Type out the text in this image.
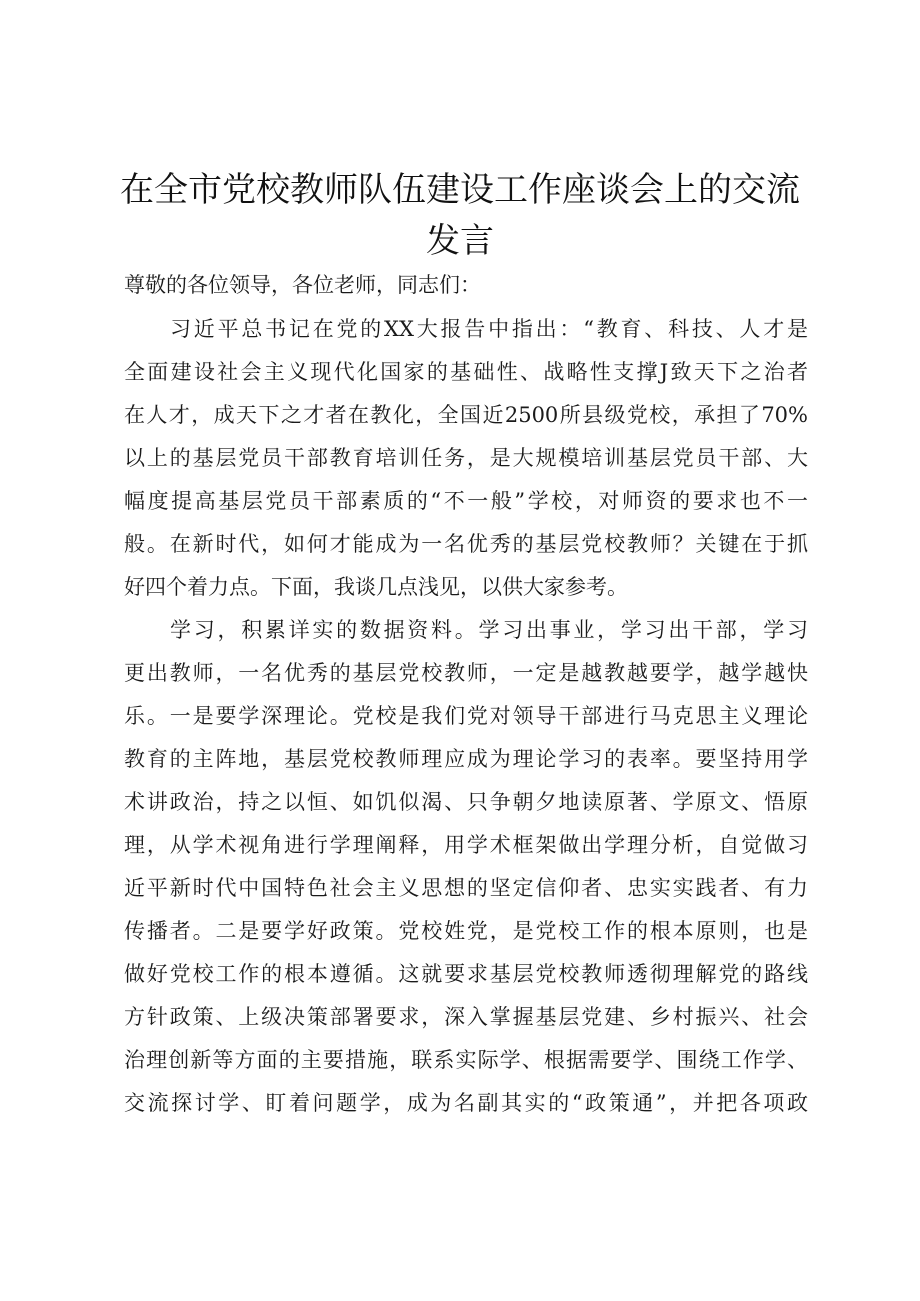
在全市党校教师队伍建设工作座谈会上的交流
发言
尊敬的各位领导，各位老师，同志们：
习近平总书记在党的XX大报告中指出：“教育、科技、人才是
全面建设社会主义现代化国家的基础性、战略性支撑J致天下之治者
在人才，成天下之才者在教化，全国近2500所县级党校，承担了70%
以上的基层党员干部教育培训任务，是大规模培训基层党员干部、大
幅度提高基层党员干部素质的“不一般”学校，对师资的要求也不一
般。在新时代，如何才能成为一名优秀的基层党校教师？关键在于抓
好四个着力点。下面，我谈几点浅见，以供大家参考。
学习，积累详实的数据资料。学习出事业，学习出干部，学习
更出教师，一名优秀的基层党校教师，一定是越教越要学，越学越快
乐。一是要学深理论。党校是我们党对领导干部进行马克思主义理论
教育的主阵地，基层党校教师理应成为理论学习的表率。要坚持用学
术讲政治，持之以恒、如饥似渴、只争朝夕地读原著、学原文、悟原
理，从学术视角进行学理阐释，用学术框架做出学理分析，自觉做习
近平新时代中国特色社会主义思想的坚定信仰者、忠实实践者、有力
传播者。二是要学好政策。党校姓党，是党校工作的根本原则，也是
做好党校工作的根本遵循。这就要求基层党校教师透彻理解党的路线
方针政策、上级决策部署要求，深入掌握基层党建、乡村振兴、社会
治理创新等方面的主要措施，联系实际学、根据需要学、围绕工作学、
交流探讨学、盯着问题学，成为名副其实的“政策通”，并把各项政
